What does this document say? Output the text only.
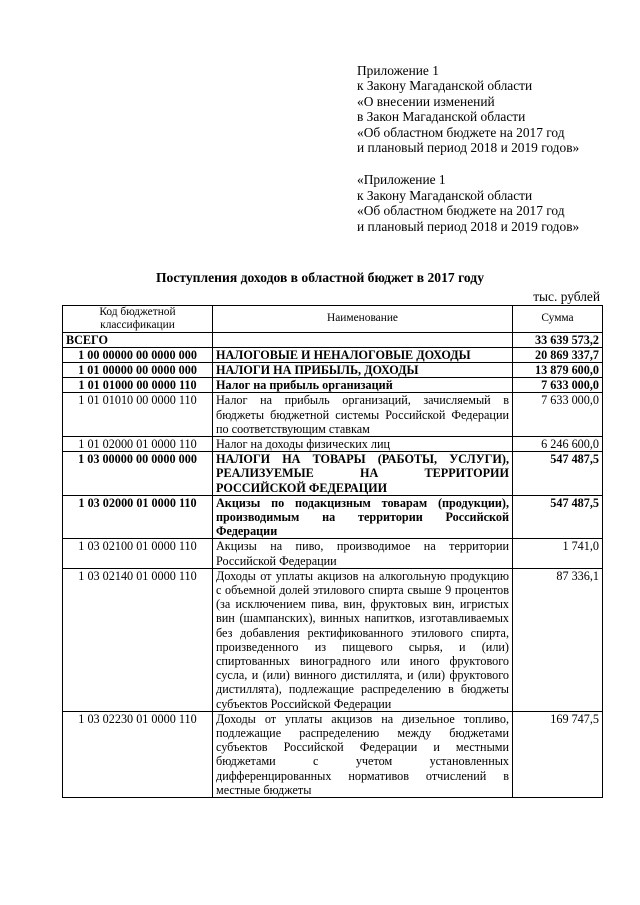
Приложение 1
к Закону Магаданской области
«О внесении изменений
в Закон Магаданской области
«Об областном бюджете на 2017 год
и плановый период 2018 и 2019 годов»
«Приложение 1
к Закону Магаданской области
«Об областном бюджете на 2017 год
и плановый период 2018 и 2019 годов»
Поступления доходов в областной бюджет в 2017 году
тыс. рублей
Код бюджетной классификации	Наименование	Сумма
ВСЕГО		33 639 573,2
1 00 00000 00 0000 000	НАЛОГОВЫЕ И НЕНАЛОГОВЫЕ ДОХОДЫ	20 869 337,7
1 01 00000 00 0000 000	НАЛОГИ НА ПРИБЫЛЬ, ДОХОДЫ	13 879 600,0
1 01 01000 00 0000 110	Налог на прибыль организаций	7 633 000,0
1 01 01010 00 0000 110	Налог на прибыль организаций, зачисляемый в бюджеты бюджетной системы Российской Федерации по соответствующим ставкам	7 633 000,0
1 01 02000 01 0000 110	Налог на доходы физических лиц	6 246 600,0
1 03 00000 00 0000 000	НАЛОГИ НА ТОВАРЫ (РАБОТЫ, УСЛУГИ), РЕАЛИЗУЕМЫЕ НА ТЕРРИТОРИИ РОССИЙСКОЙ ФЕДЕРАЦИИ	547 487,5
1 03 02000 01 0000 110	Акцизы по подакцизным товарам (продукции), производимым на территории Российской Федерации	547 487,5
1 03 02100 01 0000 110	Акцизы на пиво, производимое на территории Российской Федерации	1 741,0
1 03 02140 01 0000 110	Доходы от уплаты акцизов на алкогольную продукцию с объемной долей этилового спирта свыше 9 процентов (за исключением пива, вин, фруктовых вин, игристых вин (шампанских), винных напитков, изготавливаемых без добавления ректификованного этилового спирта, произведенного из пищевого сырья, и (или) спиртованных виноградного или иного фруктового сусла, и (или) винного дистиллята, и (или) фруктового дистиллята), подлежащие распределению в бюджеты субъектов Российской Федерации	87 336,1
1 03 02230 01 0000 110	Доходы от уплаты акцизов на дизельное топливо, подлежащие распределению между бюджетами субъектов Российской Федерации и местными бюджетами с учетом установленных дифференцированных нормативов отчислений в местные бюджеты	169 747,5
